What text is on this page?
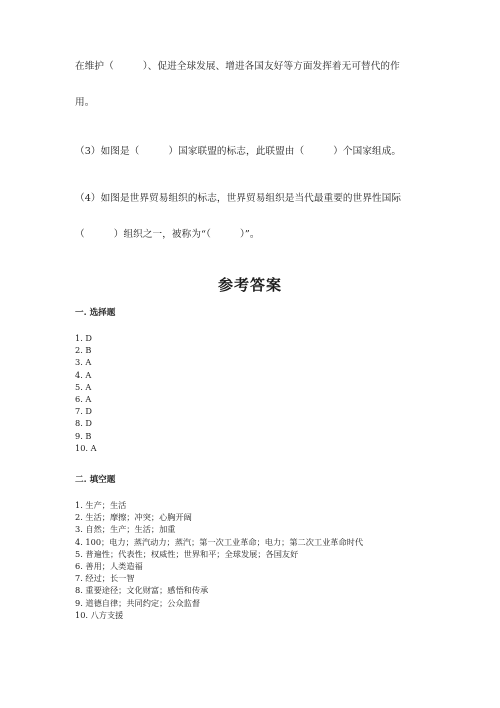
在维护（　　　）、促进全球发展、增进各国友好等方面发挥着无可替代的作
用。
（3）如图是（　　　）国家联盟的标志，此联盟由（　　　）个国家组成。
（4）如图是世界贸易组织的标志，世界贸易组织是当代最重要的世界性国际
（　　　）组织之一，被称为“（　　　）”。
参考答案
一. 选择题
1. D
2. B
3. A
4. A
5. A
6. A
7. D
8. D
9. B
10. A
二. 填空题
1. 生产；生活
2. 生活；摩擦；冲突；心胸开阔
3. 自然；生产；生活；加重
4. 100；电力；蒸汽动力；蒸汽；第一次工业革命；电力；第二次工业革命时代
5. 普遍性；代表性；权威性；世界和平；全球发展；各国友好
6. 善用；人类造福
7. 经过；长一智
8. 重要途径；文化财富；感悟和传承
9. 道德自律；共同约定；公众监督
10. 八方支援
